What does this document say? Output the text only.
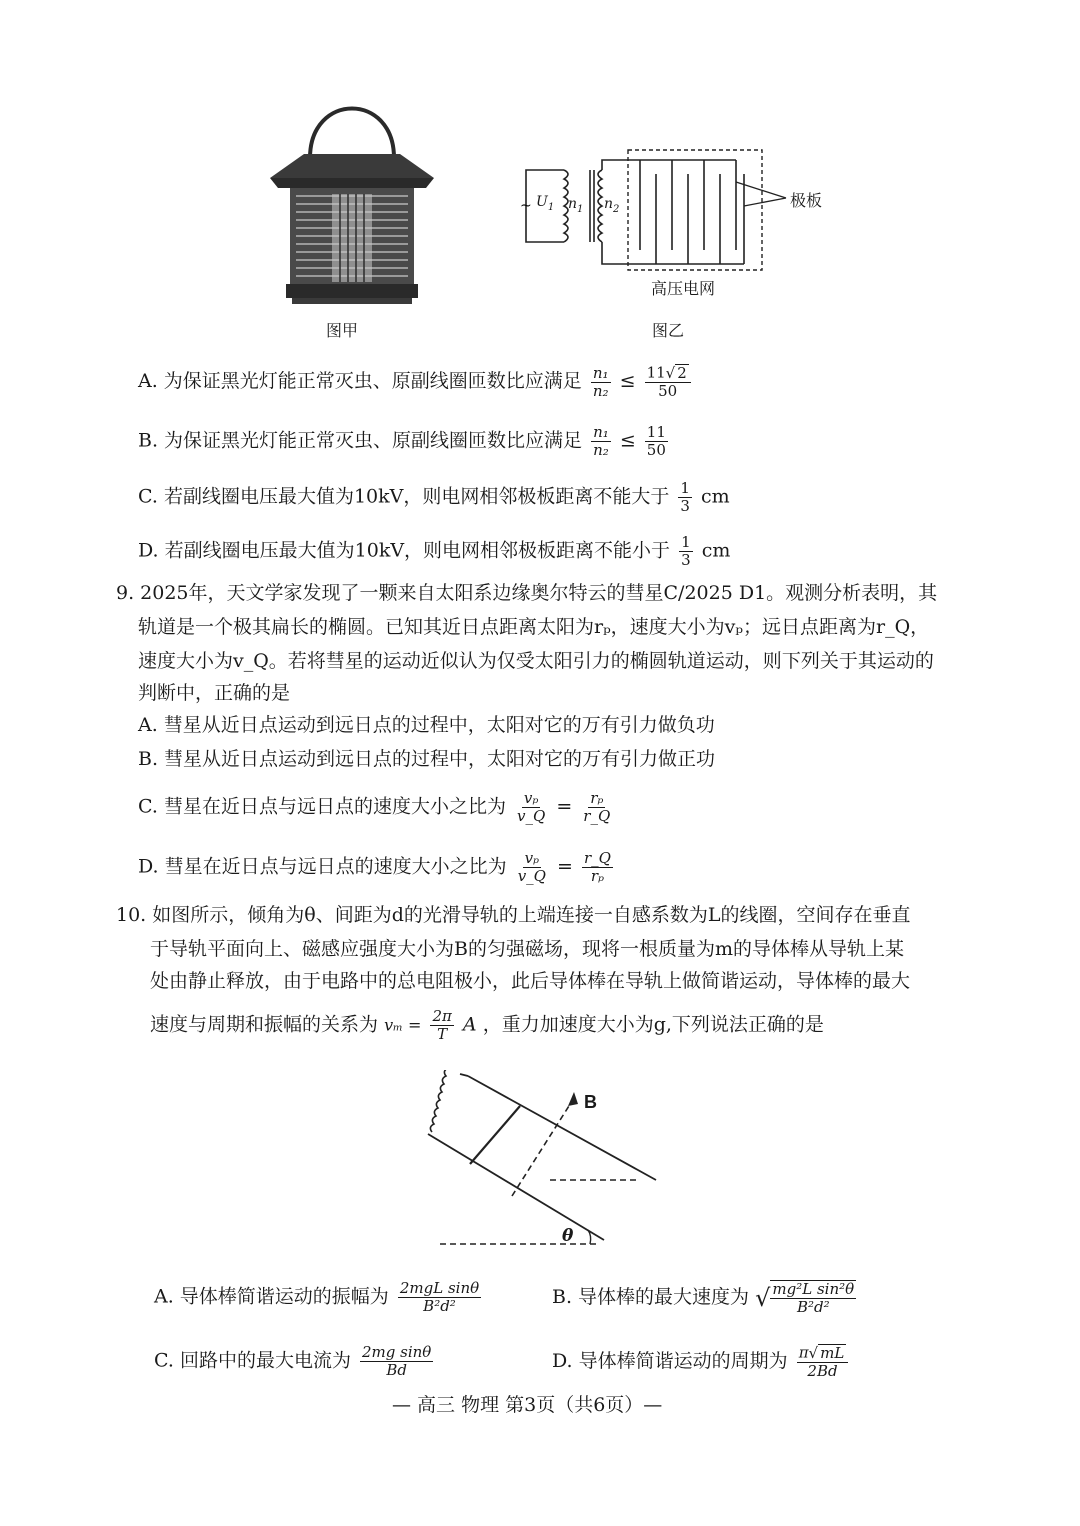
图甲
~ $U_1$ $n_1$ $n_2$	极板
高压电网
图乙
A. 为保证黑光灯能正常灭虫、原副线圈匝数比应满足 $\frac{\text{n₁}}{\text{n₂}} \le \frac{11√ 2}{50}$
B. 为保证黑光灯能正常灭虫、原副线圈匝数比应满足 $\frac{\text{n₁}}{\text{n₂}} \le \frac{11}{50}$
C. 若副线圈电压最大值为10kV，则电网相邻极板距离不能大于 $\frac{1}{3}$ cm
D. 若副线圈电压最大值为10kV，则电网相邻极板距离不能小于 $\frac{1}{3}$ cm
9. 2025年，天文学家发现了一颗来自太阳系边缘奥尔特云的彗星C/2025 D1。观测分析表明，其
轨道是一个极其扁长的椭圆。已知其近日点距离太阳为rₚ，速度大小为vₚ；远日点距离为r_Q，
速度大小为v_Q。若将彗星的运动近似认为仅受太阳引力的椭圆轨道运动，则下列关于其运动的
判断中，正确的是
A. 彗星从近日点运动到远日点的过程中，太阳对它的万有引力做负功
B. 彗星从近日点运动到远日点的过程中，太阳对它的万有引力做正功
C. 彗星在近日点与远日点的速度大小之比为 $\frac{\text{vₚ}}{v\_Q} = \frac{\text{rₚ}}{r\_Q}$
D. 彗星在近日点与远日点的速度大小之比为 $\frac{\text{vₚ}}{v\_Q} = \frac{r\_Q}{\text{rₚ}}$
10. 如图所示，倾角为θ、间距为d的光滑导轨的上端连接一自感系数为L的线圈，空间存在垂直
于导轨平面向上、磁感应强度大小为B的匀强磁场，现将一根质量为m的导体棒从导轨上某
处由静止释放，由于电路中的总电阻极小，此后导体棒在导轨上做简谐运动，导体棒的最大
速度与周期和振幅的关系为 $v_m = \frac{2\pi}{T}$ A ，重力加速度大小为g,下列说法正确的是
B
θ
A. 导体棒简谐运动的振幅为 $\frac{\text{2mgL sinθ}}{\text{B²d²}}$	B. 导体棒的最大速度为 √ $\frac{\text{mg²L sin²θ}}{\text{B²d²}}$
C. 回路中的最大电流为 $\frac{\text{2mg sinθ}}{Bd}$	D. 导体棒简谐运动的周期为 $\frac{\pi√ mL}{2Bd}$
— 高三 物理 第3页（共6页）—
